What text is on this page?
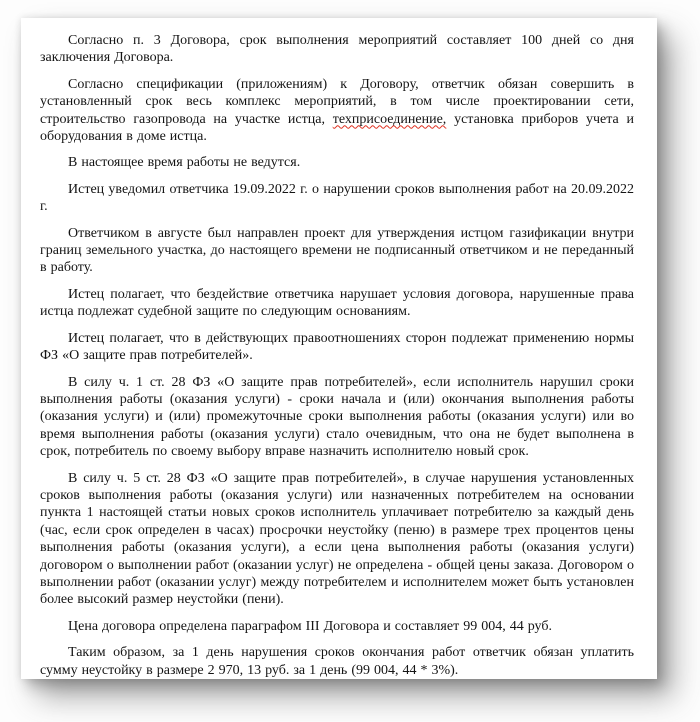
Согласно п. 3 Договора, срок выполнения мероприятий составляет 100 дней со дня заключения Договора.

Согласно спецификации (приложениям) к Договору, ответчик обязан совершить в установленный срок весь комплекс мероприятий, в том числе проектировании сети, строительство газопровода на участке истца, техприсоединение, установка приборов учета и оборудования в доме истца.

В настоящее время работы не ведутся.

Истец уведомил ответчика 19.09.2022 г. о нарушении сроков выполнения работ на 20.09.2022 г.

Ответчиком в августе был направлен проект для утверждения истцом газификации внутри границ земельного участка, до настоящего времени не подписанный ответчиком и не переданный в работу.

Истец полагает, что бездействие ответчика нарушает условия договора, нарушенные права истца подлежат судебной защите по следующим основаниям.

Истец полагает, что в действующих правоотношениях сторон подлежат применению нормы ФЗ «О защите прав потребителей».

В силу ч. 1 ст. 28 ФЗ «О защите прав потребителей», если исполнитель нарушил сроки выполнения работы (оказания услуги) - сроки начала и (или) окончания выполнения работы (оказания услуги) и (или) промежуточные сроки выполнения работы (оказания услуги) или во время выполнения работы (оказания услуги) стало очевидным, что она не будет выполнена в срок, потребитель по своему выбору вправе назначить исполнителю новый срок.

В силу ч. 5 ст. 28 ФЗ «О защите прав потребителей», в случае нарушения установленных сроков выполнения работы (оказания услуги) или назначенных потребителем на основании пункта 1 настоящей статьи новых сроков исполнитель уплачивает потребителю за каждый день (час, если срок определен в часах) просрочки неустойку (пеню) в размере трех процентов цены выполнения работы (оказания услуги), а если цена выполнения работы (оказания услуги) договором о выполнении работ (оказании услуг) не определена - общей цены заказа. Договором о выполнении работ (оказании услуг) между потребителем и исполнителем может быть установлен более высокий размер неустойки (пени).

Цена договора определена параграфом III Договора и составляет 99 004, 44 руб.

Таким образом, за 1 день нарушения сроков окончания работ ответчик обязан уплатить сумму неустойку в размере 2 970, 13 руб. за 1 день (99 004, 44 * 3%).
